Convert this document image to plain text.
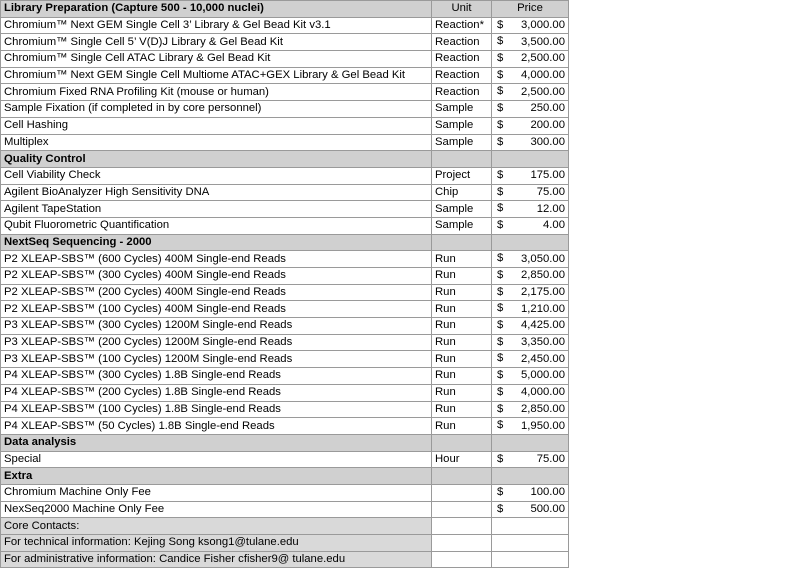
Library Preparation (Capture 500 - 10,000 nuclei)	Unit	Price
Chromium™ Next GEM Single Cell 3’ Library & Gel Bead Kit v3.1	Reaction*	$ 3,000.00

Chromium™ Single Cell 5’ V(D)J Library & Gel Bead Kit	Reaction	$ 3,500.00

Chromium™ Single Cell ATAC Library & Gel Bead Kit	Reaction	$ 2,500.00

Chromium™ Next GEM Single Cell Multiome ATAC+GEX Library & Gel Bead Kit	Reaction	$ 4,000.00

Chromium Fixed RNA Profiling Kit (mouse or human)	Reaction	$ 2,500.00

Sample Fixation (if completed in by core personnel)	Sample	$ 250.00

Cell Hashing	Sample	$ 200.00

Multiplex	Sample	$ 300.00

Quality Control		
Cell Viability Check	Project	$ 175.00

Agilent BioAnalyzer High Sensitivity DNA	Chip	$ 75.00

Agilent TapeStation	Sample	$ 12.00

Qubit Fluorometric Quantification	Sample	$ 4.00

NextSeq Sequencing - 2000		
P2 XLEAP-SBS™ (600 Cycles) 400M Single-end Reads	Run	$ 3,050.00

P2 XLEAP-SBS™ (300 Cycles) 400M Single-end Reads	Run	$ 2,850.00

P2 XLEAP-SBS™ (200 Cycles) 400M Single-end Reads	Run	$ 2,175.00

P2 XLEAP-SBS™ (100 Cycles) 400M Single-end Reads	Run	$ 1,210.00

P3 XLEAP-SBS™ (300 Cycles) 1200M Single-end Reads	Run	$ 4,425.00

P3 XLEAP-SBS™ (200 Cycles) 1200M Single-end Reads	Run	$ 3,350.00

P3 XLEAP-SBS™ (100 Cycles) 1200M Single-end Reads	Run	$ 2,450.00

P4 XLEAP-SBS™ (300 Cycles) 1.8B Single-end Reads	Run	$ 5,000.00

P4 XLEAP-SBS™ (200 Cycles) 1.8B Single-end Reads	Run	$ 4,000.00

P4 XLEAP-SBS™ (100 Cycles) 1.8B Single-end Reads	Run	$ 2,850.00

P4 XLEAP-SBS™ (50 Cycles) 1.8B Single-end Reads	Run	$ 1,950.00

Data analysis		
Special	Hour	$ 75.00

Extra		
Chromium Machine Only Fee		$ 100.00

NexSeq2000 Machine Only Fee		$ 500.00

Core Contacts:		
For technical information: Kejing Song ksong1@tulane.edu		
For administrative information: Candice Fisher cfisher9@ tulane.edu		
